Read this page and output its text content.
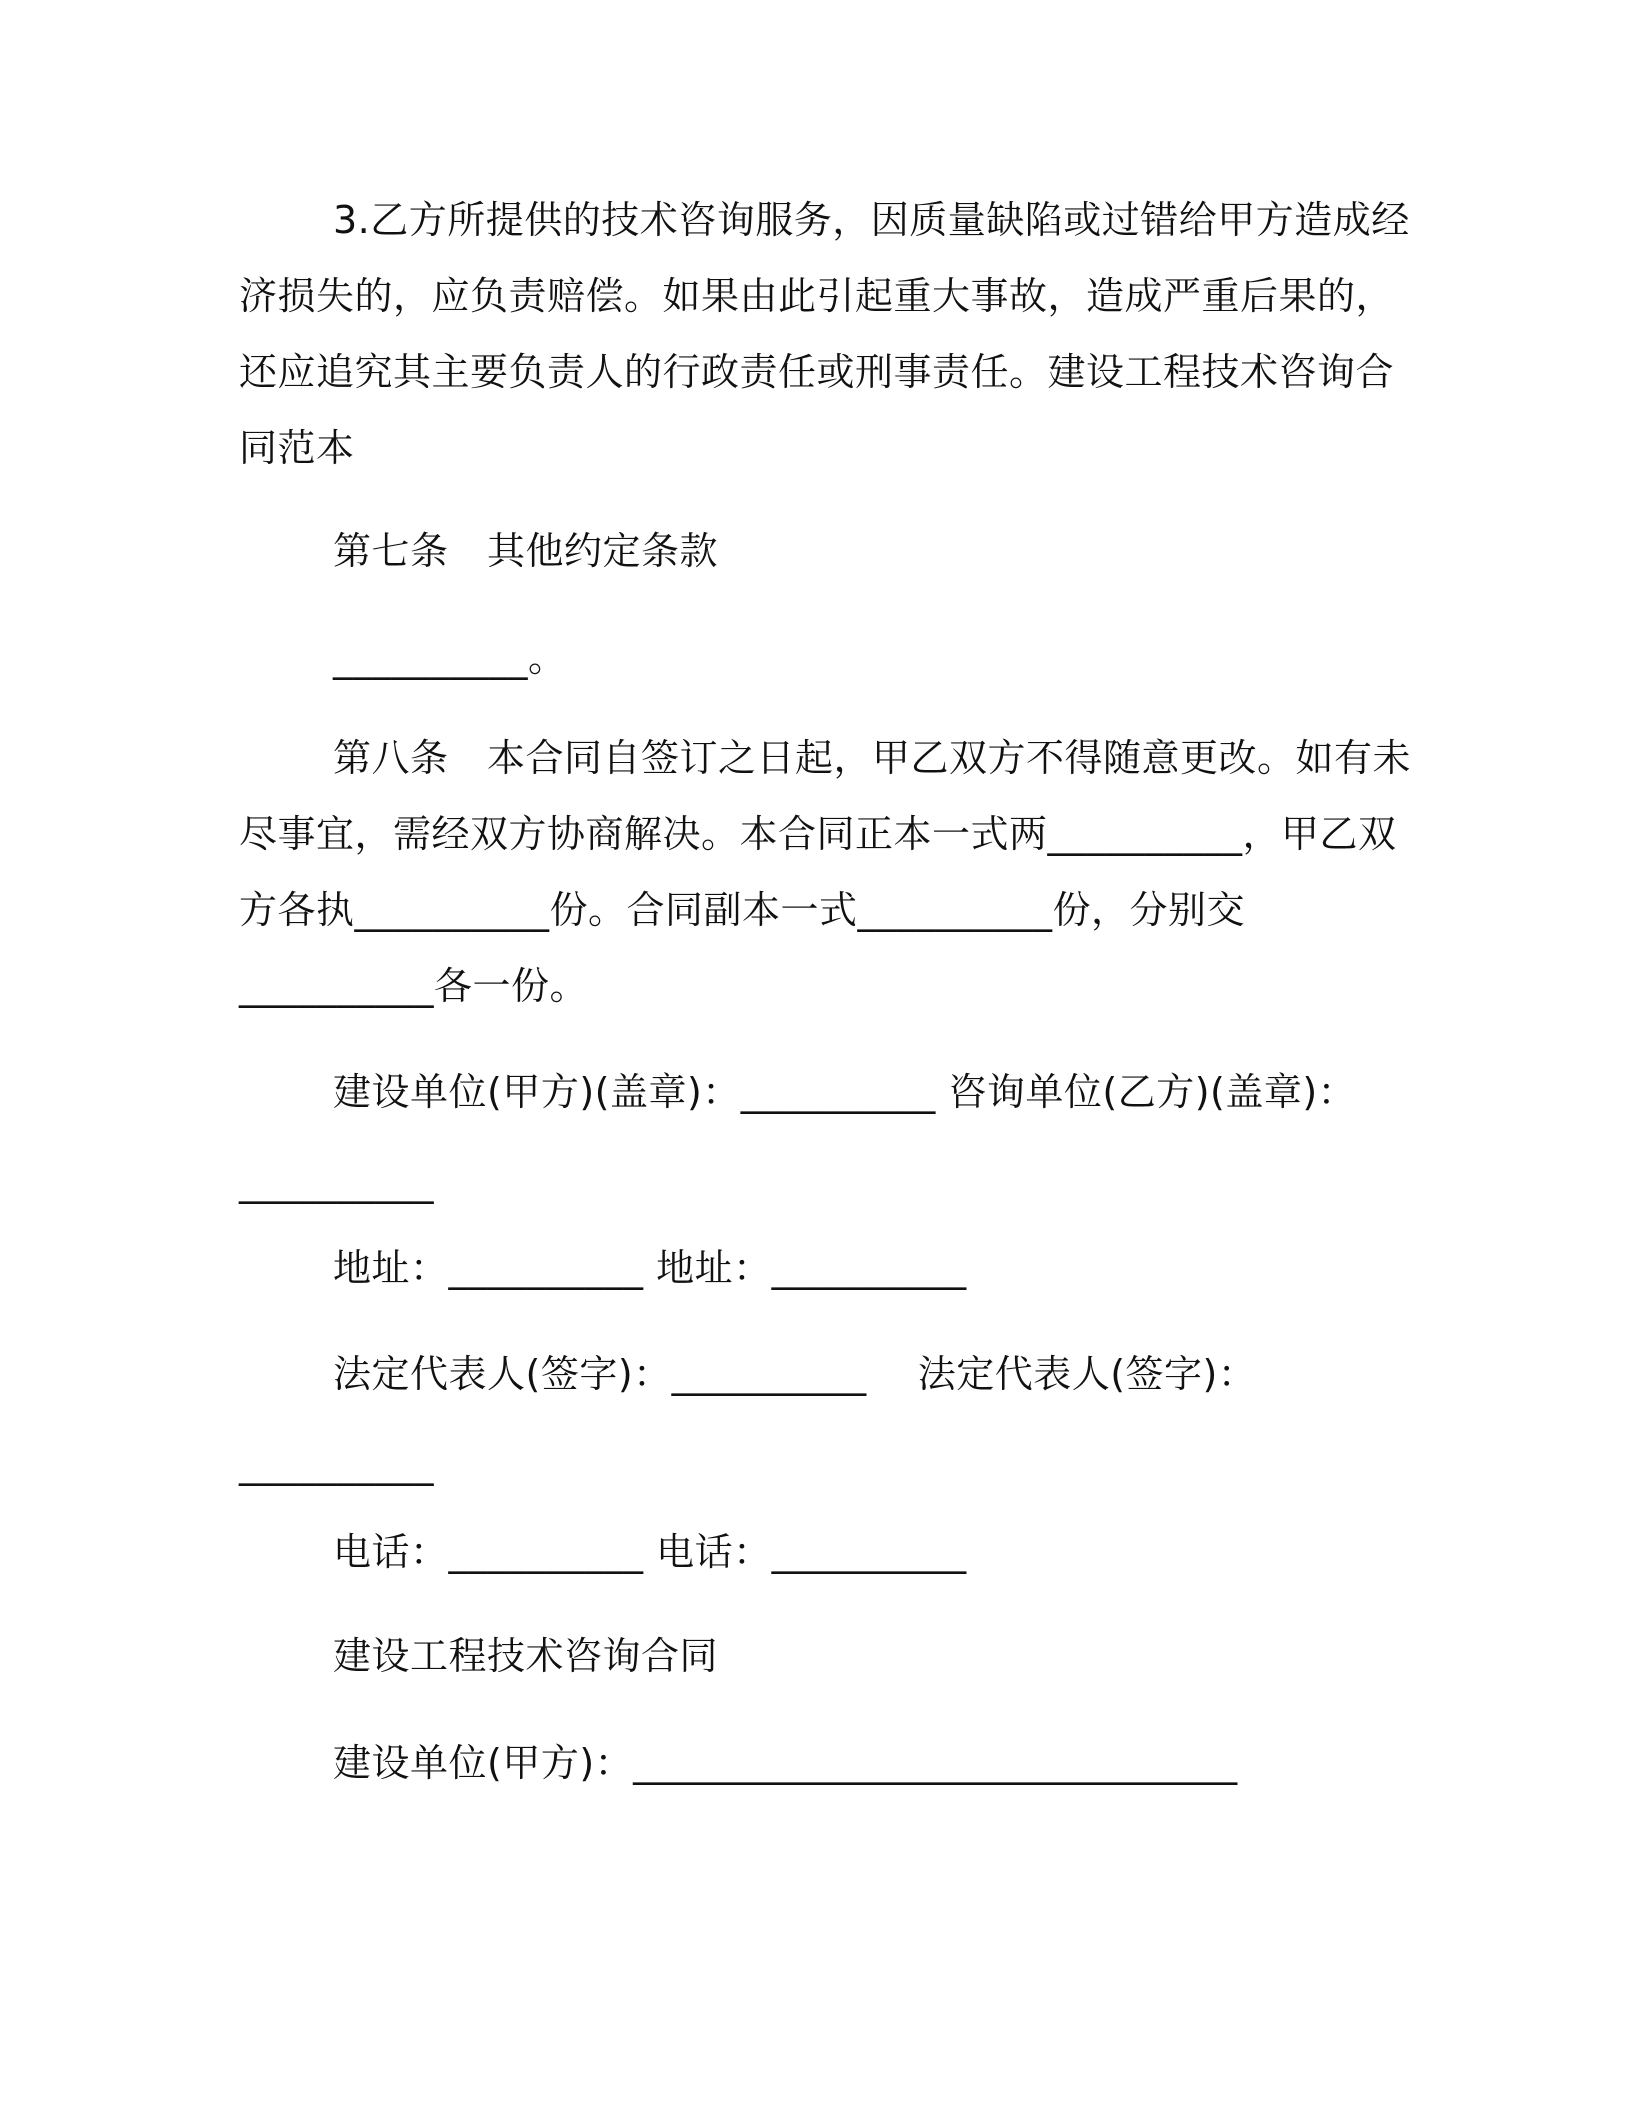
3.乙方所提供的技术咨询服务，因质量缺陷或过错给甲方造成经
济损失的，应负责赔偿。如果由此引起重大事故，造成严重后果的，
还应追究其主要负责人的行政责任或刑事责任。建设工程技术咨询合
同范本
第七条　其他约定条款
__________。
第八条　本合同自签订之日起，甲乙双方不得随意更改。如有未
尽事宜，需经双方协商解决。本合同正本一式两__________，甲乙双
方各执__________份。合同副本一式__________份，分别交
__________各一份。
建设单位(甲方)(盖章)：__________ 咨询单位(乙方)(盖章)：
__________
地址：__________ 地址：__________
法定代表人(签字)：__________　 法定代表人(签字)：
__________
电话：__________ 电话：__________
建设工程技术咨询合同
建设单位(甲方)：_______________________________
